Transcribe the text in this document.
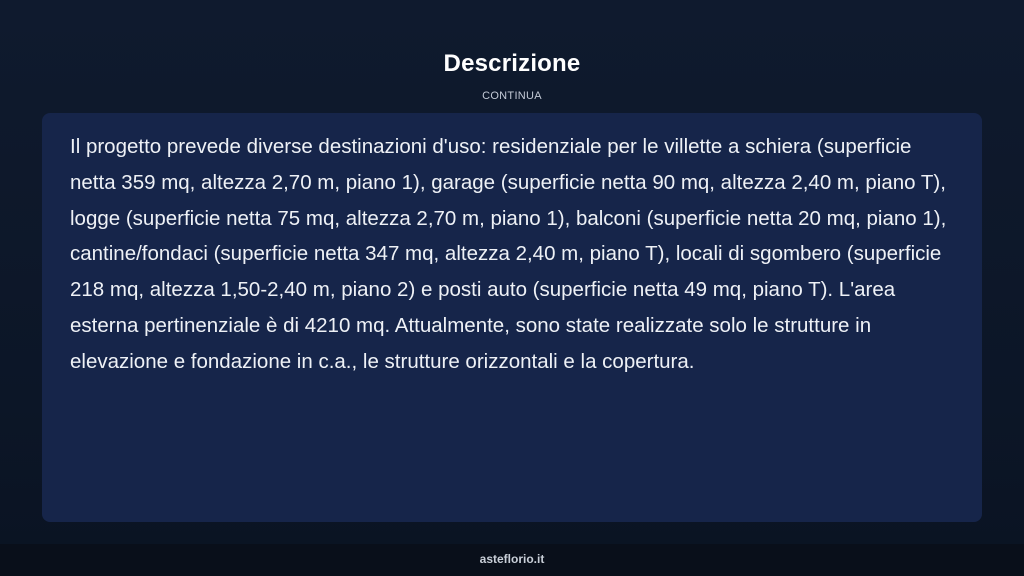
Descrizione
CONTINUA

Il progetto prevede diverse destinazioni d'uso: residenziale per le villette a schiera (superficie netta 359 mq, altezza 2,70 m, piano 1), garage (superficie netta 90 mq, altezza 2,40 m, piano T), logge (superficie netta 75 mq, altezza 2,70 m, piano 1), balconi (superficie netta 20 mq, piano 1), cantine/fondaci (superficie netta 347 mq, altezza 2,40 m, piano T), locali di sgombero (superficie 218 mq, altezza 1,50-2,40 m, piano 2) e posti auto (superficie netta 49 mq, piano T). L'area esterna pertinenziale è di 4210 mq. Attualmente, sono state realizzate solo le strutture in elevazione e fondazione in c.a., le strutture orizzontali e la copertura.

asteflorio.it
